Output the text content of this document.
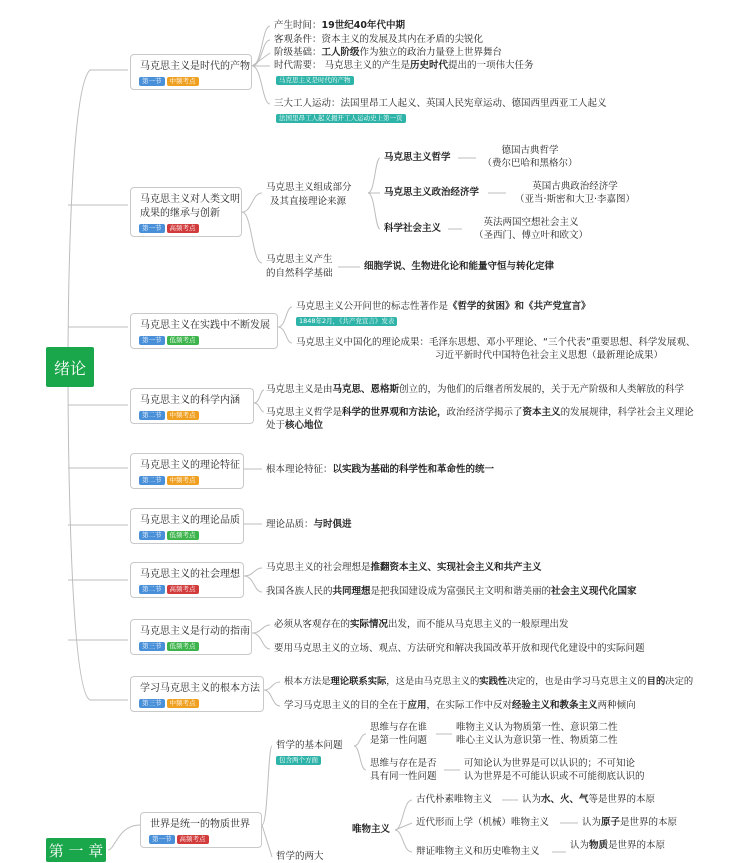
绪论
第 一 章
马克思主义是时代的产物
第一节	中频考点
产生时间：19世纪40年代中期
客观条件：资本主义的发展及其内在矛盾的尖锐化
阶级基础：工人阶级作为独立的政治力量登上世界舞台
时代需要： 马克思主义的产生是历史时代提出的一项伟大任务
马克思主义是时代的产物
三大工人运动：法国里昂工人起义、英国人民宪章运动、德国西里西亚工人起义
法国里昂工人起义揭开工人运动史上第一页
马克思主义对人类文明
成果的继承与创新
第一节	高频考点
马克思主义组成部分
及其直接理论来源
马克思主义哲学
德国古典哲学
（费尔巴哈和黑格尔）
马克思主义政治经济学
英国古典政治经济学
（亚当·斯密和大卫·李嘉图）
科学社会主义
英法两国空想社会主义
（圣西门、傅立叶和欧文）
马克思主义产生
的自然科学基础
细胞学说、生物进化论和能量守恒与转化定律
马克思主义在实践中不断发展
第一节	低频考点
马克思主义公开问世的标志性著作是《哲学的贫困》和《共产党宣言》
1848年2月，《共产党宣言》发表
马克思主义中国化的理论成果：毛泽东思想、邓小平理论、“三个代表”重要思想、科学发展观、
习近平新时代中国特色社会主义思想（最新理论成果）
马克思主义的科学内涵
第二节	中频考点
马克思主义是由马克思、恩格斯创立的，为他们的后继者所发展的，关于无产阶级和人类解放的科学
马克思主义哲学是科学的世界观和方法论，政治经济学揭示了资本主义的发展规律，科学社会主义理论
处于核心地位
马克思主义的理论特征
第二节	中频考点
根本理论特征：以实践为基础的科学性和革命性的统一
马克思主义的理论品质
第二节	低频考点
理论品质：与时俱进
马克思主义的社会理想
第二节	高频考点
马克思主义的社会理想是推翻资本主义、实现社会主义和共产主义
我国各族人民的共同理想是把我国建设成为富强民主文明和谐美丽的社会主义现代化国家
马克思主义是行动的指南
第三节	低频考点
必须从客观存在的实际情况出发，而不能从马克思主义的一般原理出发
要用马克思主义的立场、观点、方法研究和解决我国改革开放和现代化建设中的实际问题
学习马克思主义的根本方法
第三节	中频考点
根本方法是理论联系实际，这是由马克思主义的实践性决定的，也是由学习马克思主义的目的决定的
学习马克思主义的目的全在于应用，在实际工作中反对经验主义和教条主义两种倾向
哲学的基本问题
包含两个方面
思维与存在谁
是第一性问题
唯物主义认为物质第一性、意识第二性
唯心主义认为意识第一性、物质第二性
思维与存在是否
具有同一性问题
可知论认为世界是可以认识的；不可知论
认为世界是不可能认识或不可能彻底认识的
世界是统一的物质世界
第一节	高频考点
哲学的两大
唯物主义
古代朴素唯物主义	认为水、火、气等是世界的本原
近代形而上学（机械）唯物主义	认为原子是世界的本原
辩证唯物主义和历史唯物主义
认为物质是世界的本原
